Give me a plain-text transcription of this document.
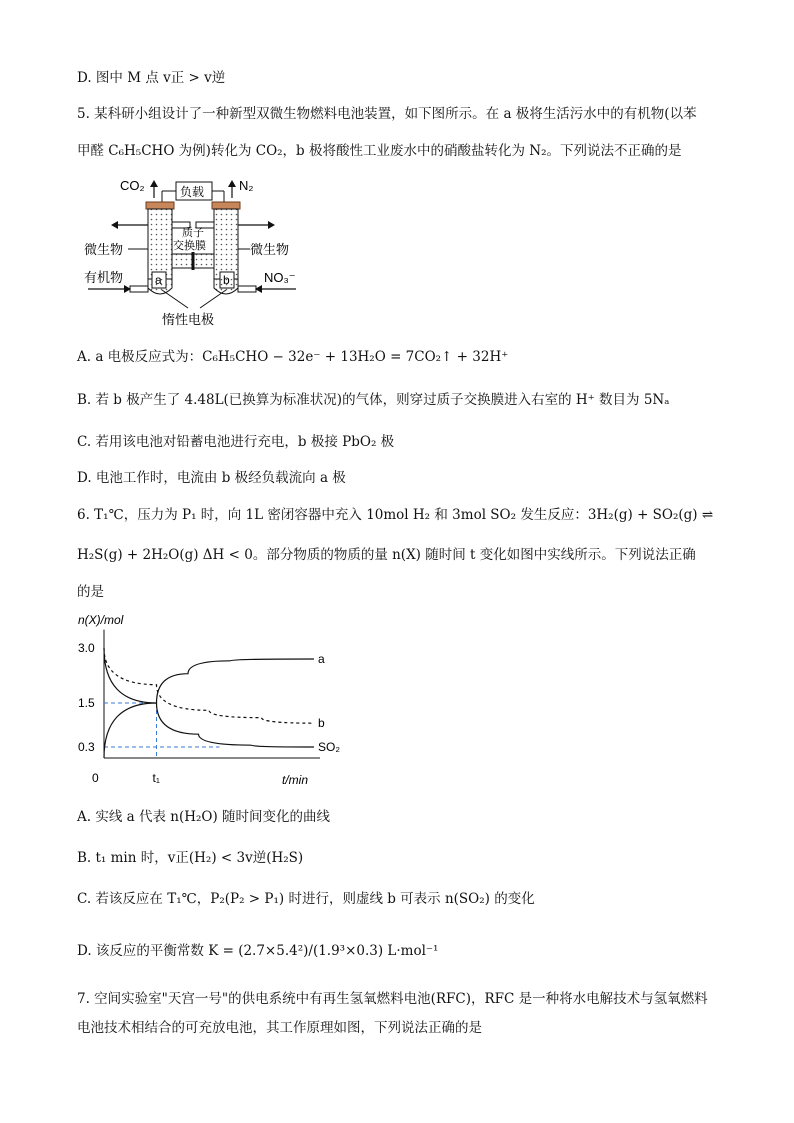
D. 图中 M 点 v正 > v逆
5. 某科研小组设计了一种新型双微生物燃料电池装置，如下图所示。在 a 极将生活污水中的有机物(以苯
甲醛 C₆H₅CHO 为例)转化为 CO₂，b 极将酸性工业废水中的硝酸盐转化为 N₂。下列说法不正确的是
CO₂	N₂
负载
质子
交换膜
微生物	微生物
有机物	NO₃⁻
惰性电极
A. a 电极反应式为：C₆H₅CHO − 32e⁻ + 13H₂O = 7CO₂↑ + 32H⁺
B. 若 b 极产生了 4.48L(已换算为标准状况)的气体，则穿过质子交换膜进入右室的 H⁺ 数目为 5Nₐ
C. 若用该电池对铅蓄电池进行充电，b 极接 PbO₂ 极
D. 电池工作时，电流由 b 极经负载流向 a 极
6. T₁℃，压力为 P₁ 时，向 1L 密闭容器中充入 10mol H₂ 和 3mol SO₂ 发生反应：3H₂(g) + SO₂(g) ⇌
H₂S(g) + 2H₂O(g) ΔH < 0。部分物质的物质的量 n(X) 随时间 t 变化如图中实线所示。下列说法正确
的是
n(X)/mol
t/min
3.0
1.5
0.3
0	t₁
a
b
SO₂
A. 实线 a 代表 n(H₂O) 随时间变化的曲线
B. t₁ min 时，v正(H₂) < 3v逆(H₂S)
C. 若该反应在 T₁℃，P₂(P₂ > P₁) 时进行，则虚线 b 可表示 n(SO₂) 的变化
D. 该反应的平衡常数 K = (2.7×5.4²)/(1.9³×0.3) L·mol⁻¹
7. 空间实验室"天宫一号"的供电系统中有再生氢氧燃料电池(RFC)，RFC 是一种将水电解技术与氢氧燃料
电池技术相结合的可充放电池，其工作原理如图，下列说法正确的是
